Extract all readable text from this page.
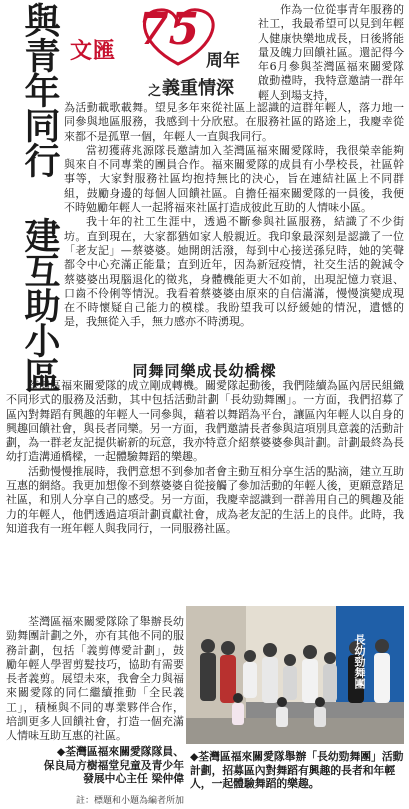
與青年同行 建互助小區 文匯 75
周年
之 義重情深

作為一位從事青年服務的社工，我最希望可以見到年輕人健康快樂地成長，日後將能量及魄力回饋社區。還記得今年6月參與荃灣區福來關愛隊啟動禮時，我特意邀請一群年輕人到場支持，

為活動載歌載舞。望見多年來從社區上認識的這群年輕人，落力地一同參與地區服務，我感到十分欣慰。在服務社區的路途上，我慶幸從來都不是孤單一個，年輕人一直與我同行。

當初獲蔣兆源隊長邀請加入荃灣區福來關愛隊時，我很榮幸能夠與來自不同專業的團員合作。福來關愛隊的成員有小學校長，社區幹事等，大家對服務社區均抱持無比的決心，旨在連結社區上不同群組，鼓勵身邊的每個人回饋社區。自擔任福來關愛隊的一員後，我便不時勉勵年輕人一起將福來社區打造成彼此互助的人情味小區。

我十年的社工生涯中，透過不斷參與社區服務，結識了不少街坊。直到現在，大家都猶如家人般親近。我印象最深刻是認識了一位「老友記」—蔡婆婆。她開朗活潑，每到中心接送孫兒時，她的笑聲都令中心充滿正能量；直到近年，因為新冠疫情，社交生活的銳減令蔡婆婆出現腦退化的徵兆，身體機能更大不如前，出現記憶力衰退、口齒不伶俐等情況。我看着蔡婆婆由原來的自信滿滿，慢慢演變成現在不時懷疑自己能力的模樣。我盼望我可以紓緩她的情況，遺憾的是，我無從入手，無力感亦不時湧現。

同舞同樂成長幼橋樑

荃灣區福來關愛隊的成立剛成轉機。關愛隊起動後，我們陸續為區內居民組織不同形式的服務及活動，其中包括活動計劃「長幼勁舞團」。一方面，我們招募了區內對舞蹈有興趣的年輕人一同參與，藉着以舞蹈為平台，讓區內年輕人以自身的興趣回饋社會，與長者同樂。另一方面，我們邀請長者參與這項別具意義的活動計劃，為一群老友記提供嶄新的玩意，我亦特意介紹蔡婆婆參與計劃。計劃最終為長幼打造溝通橋樑，一起體驗舞蹈的樂趣。

活動慢慢推展時，我們意想不到參加者會主動互相分享生活的點滴，建立互助互惠的網絡。我更加想像不到蔡婆婆自從接觸了參加活動的年輕人後，更願意踏足社區，和別人分享自己的感受。另一方面，我慶幸認識到一群善用自己的興趣及能力的年輕人，他們透過這項計劃貢獻社會，成為老友記的生活上的良伴。此時，我知道我有一班年輕人與我同行，一同服務社區。

荃灣區福來關愛隊除了舉辦長幼勁舞團計劃之外，亦有其他不同的服務計劃，包括「義剪傳愛計劃」，鼓勵年輕人學習剪髮技巧，協助有需要長者義剪。展望未來，我會全力與福來關愛隊的同仁繼續推動「全民義工」，積極與不同的專業夥伴合作，培訓更多人回饋社會，打造一個充滿人情味互助互惠的社區。

長幼勁舞團
◆荃灣區福來關愛隊隊員、
保良局方樹福堂兒童及青少年
發展中心主任 梁仲偉
註：標題和小題為編者所加
◆荃灣區福來關愛隊舉辦「長幼勁舞團」活動計劃，招募區內對舞蹈有興趣的長者和年輕人，一起體驗舞蹈的樂趣。
